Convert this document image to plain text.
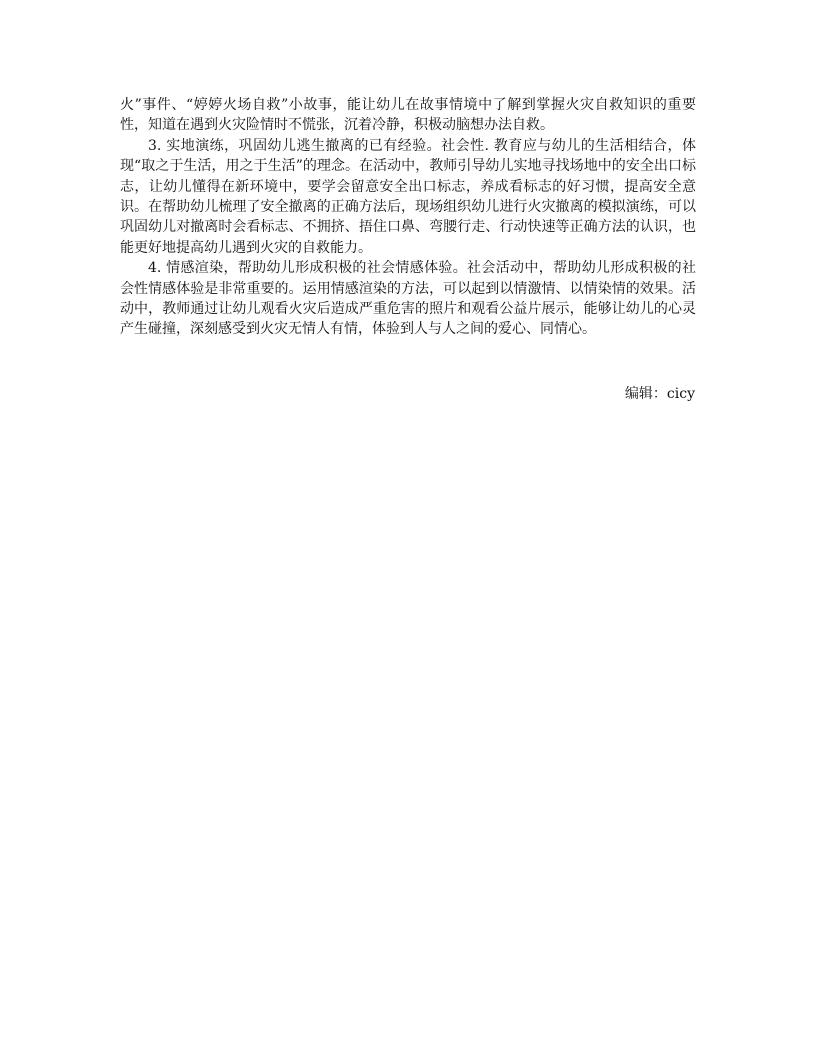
火”事件、“婷婷火场自救”小故事，能让幼儿在故事情境中了解到掌握火灾自救知识的重要性，知道在遇到火灾险情时不慌张，沉着冷静，积极动脑想办法自救。

3. 实地演练，巩固幼儿逃生撤离的已有经验。社会性. 教育应与幼儿的生活相结合，体现“取之于生活，用之于生活”的理念。在活动中，教师引导幼儿实地寻找场地中的安全出口标志，让幼儿懂得在新环境中，要学会留意安全出口标志，养成看标志的好习惯，提高安全意识。在帮助幼儿梳理了安全撤离的正确方法后，现场组织幼儿进行火灾撤离的模拟演练，可以巩固幼儿对撤离时会看标志、不拥挤、捂住口鼻、弯腰行走、行动快速等正确方法的认识，也能更好地提高幼儿遇到火灾的自救能力。

4. 情感渲染，帮助幼儿形成积极的社会情感体验。社会活动中，帮助幼儿形成积极的社会性情感体验是非常重要的。运用情感渲染的方法，可以起到以情激情、以情染情的效果。活动中，教师通过让幼儿观看火灾后造成严重危害的照片和观看公益片展示，能够让幼儿的心灵产生碰撞，深刻感受到火灾无情人有情，体验到人与人之间的爱心、同情心。

编辑：cicy
